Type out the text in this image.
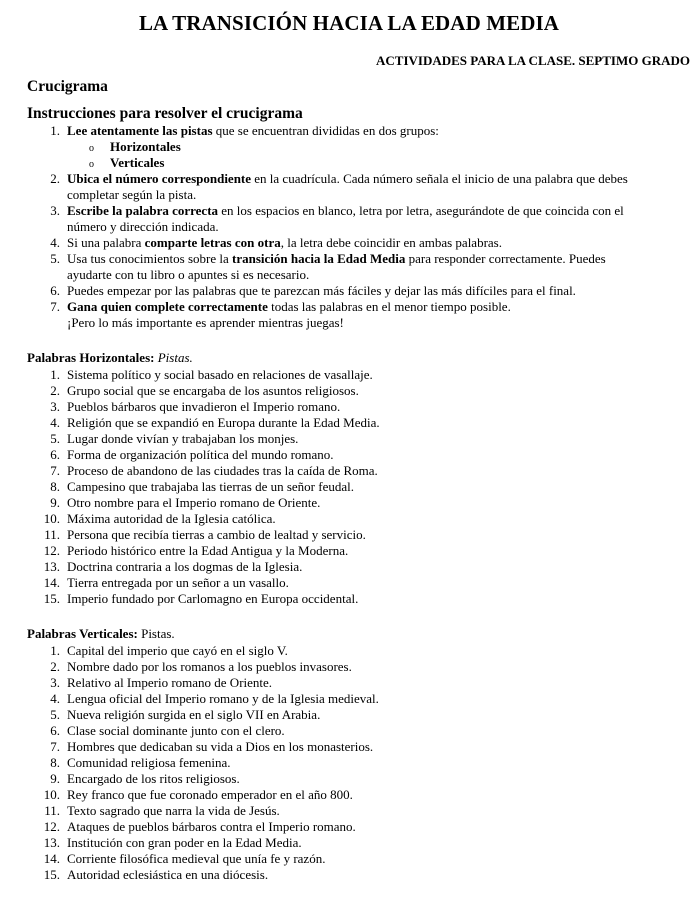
LA TRANSICIÓN HACIA LA EDAD MEDIA
ACTIVIDADES PARA LA CLASE. SEPTIMO GRADO
Crucigrama
Instrucciones para resolver el crucigrama
1. Lee atentamente las pistas que se encuentran divididas en dos grupos:
o Horizontales
o Verticales
2. Ubica el número correspondiente en la cuadrícula. Cada número señala el inicio de una palabra que debes
completar según la pista.
3. Escribe la palabra correcta en los espacios en blanco, letra por letra, asegurándote de que coincida con el
número y dirección indicada.
4. Si una palabra comparte letras con otra, la letra debe coincidir en ambas palabras.
5. Usa tus conocimientos sobre la transición hacia la Edad Media para responder correctamente. Puedes
ayudarte con tu libro o apuntes si es necesario.
6. Puedes empezar por las palabras que te parezcan más fáciles y dejar las más difíciles para el final.
7. Gana quien complete correctamente todas las palabras en el menor tiempo posible.
¡Pero lo más importante es aprender mientras juegas!
Palabras Horizontales: Pistas.
1. Sistema político y social basado en relaciones de vasallaje.
2. Grupo social que se encargaba de los asuntos religiosos.
3. Pueblos bárbaros que invadieron el Imperio romano.
4. Religión que se expandió en Europa durante la Edad Media.
5. Lugar donde vivían y trabajaban los monjes.
6. Forma de organización política del mundo romano.
7. Proceso de abandono de las ciudades tras la caída de Roma.
8. Campesino que trabajaba las tierras de un señor feudal.
9. Otro nombre para el Imperio romano de Oriente.
10. Máxima autoridad de la Iglesia católica.
11. Persona que recibía tierras a cambio de lealtad y servicio.
12. Periodo histórico entre la Edad Antigua y la Moderna.
13. Doctrina contraria a los dogmas de la Iglesia.
14. Tierra entregada por un señor a un vasallo.
15. Imperio fundado por Carlomagno en Europa occidental.
Palabras Verticales: Pistas.
1. Capital del imperio que cayó en el siglo V.
2. Nombre dado por los romanos a los pueblos invasores.
3. Relativo al Imperio romano de Oriente.
4. Lengua oficial del Imperio romano y de la Iglesia medieval.
5. Nueva religión surgida en el siglo VII en Arabia.
6. Clase social dominante junto con el clero.
7. Hombres que dedicaban su vida a Dios en los monasterios.
8. Comunidad religiosa femenina.
9. Encargado de los ritos religiosos.
10. Rey franco que fue coronado emperador en el año 800.
11. Texto sagrado que narra la vida de Jesús.
12. Ataques de pueblos bárbaros contra el Imperio romano.
13. Institución con gran poder en la Edad Media.
14. Corriente filosófica medieval que unía fe y razón.
15. Autoridad eclesiástica en una diócesis.
